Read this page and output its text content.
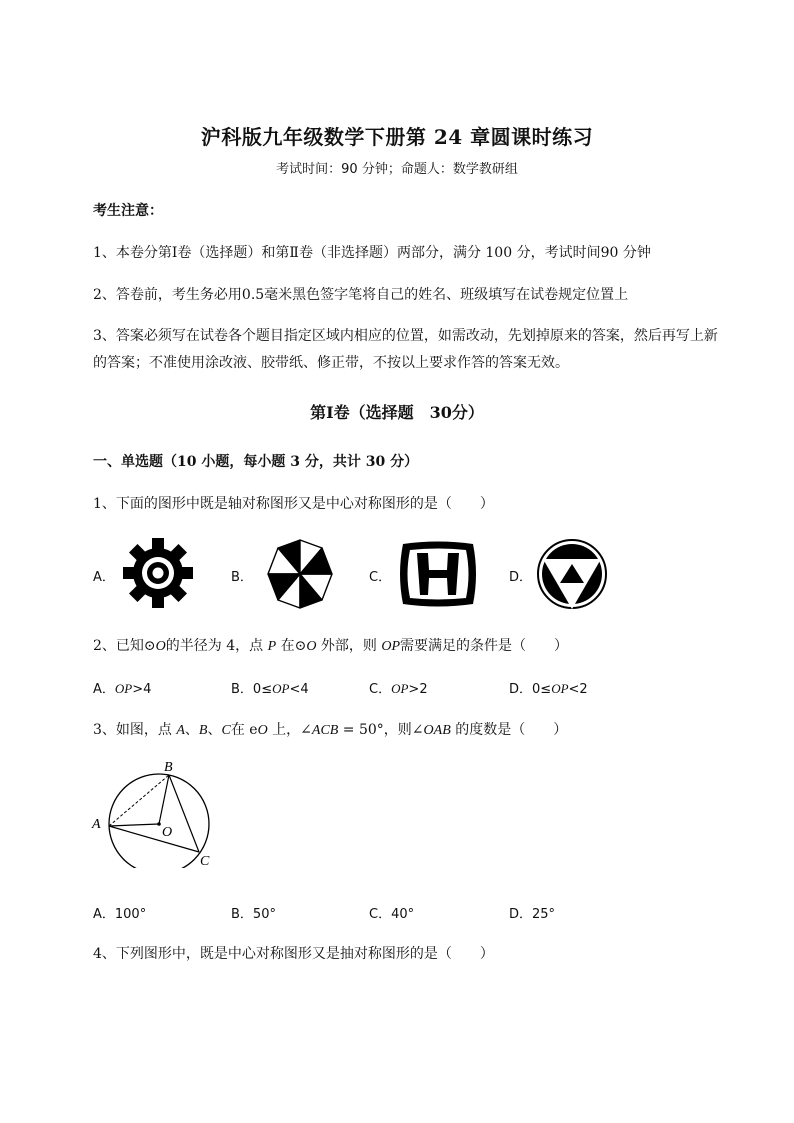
沪科版九年级数学下册第 24 章圆课时练习
考试时间：90 分钟；命题人：数学教研组
考生注意：
1、本卷分第Ⅰ卷（选择题）和第Ⅱ卷（非选择题）两部分，满分 100 分，考试时间90 分钟
2、答卷前，考生务必用0.5毫米黑色签字笔将自己的姓名、班级填写在试卷规定位置上
3、答案必须写在试卷各个题目指定区域内相应的位置，如需改动，先划掉原来的答案，然后再写上新
的答案；不准使用涂改液、胶带纸、修正带，不按以上要求作答的答案无效。
第Ⅰ卷（选择题　30分）
一、单选题（10 小题，每小题 3 分，共计 30 分）
1、下面的图形中既是轴对称图形又是中心对称图形的是（　　）
A．	B．	C．	D．
2、已知⊙O的半径为 4，点 P 在⊙O 外部，则 OP需要满足的条件是（　　）
A．OP>4	B．0≤OP<4	C．OP>2	D．0≤OP<2
3、如图，点 A、B、C在 eO 上，∠ACB = 50°，则∠OAB 的度数是（　　）
A
B
C
O
A．100°	B．50°	C．40°	D．25°
4、下列图形中，既是中心对称图形又是抽对称图形的是（　　）
